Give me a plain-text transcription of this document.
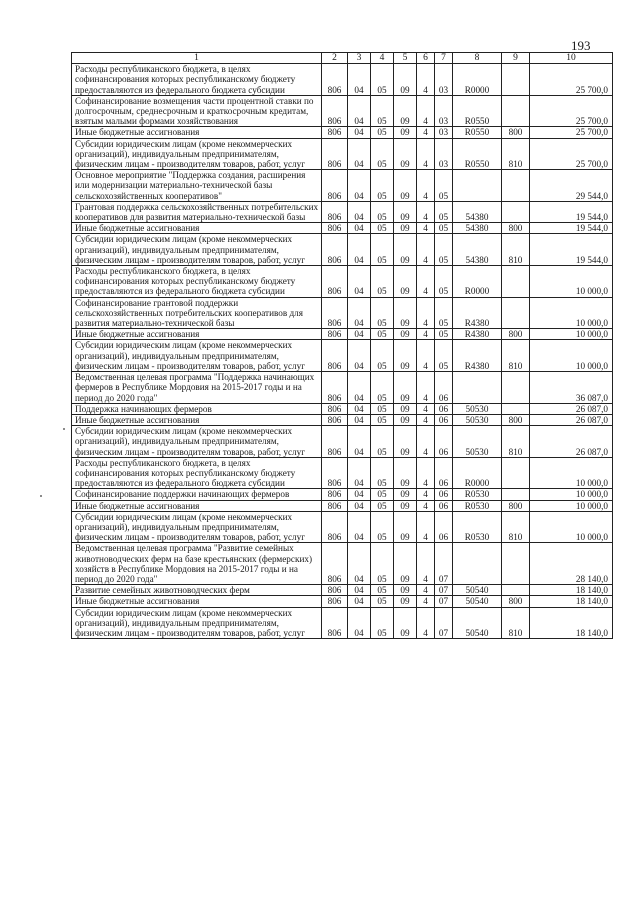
193
1	2	3	4	5	6	7	8	9	10
Расходы республиканского бюджета, в целях софинансирования которых республиканскому бюджету предоставляются из федерального бюджета субсидии	806	04	05	09	4	03	R0000		25 700,0
Софинансирование возмещения части процентной ставки по долгосрочным, среднесрочным и краткосрочным кредитам, взятым малыми формами хозяйствования	806	04	05	09	4	03	R0550		25 700,0
Иные бюджетные ассигнования	806	04	05	09	4	03	R0550	800	25 700,0
Субсидии юридическим лицам (кроме некоммерческих организаций), индивидуальным предпринимателям, физическим лицам - производителям товаров, работ, услуг	806	04	05	09	4	03	R0550	810	25 700,0
Основное мероприятие "Поддержка создания, расширения или модернизации материально-технической базы сельскохозяйственных кооперативов"	806	04	05	09	4	05			29 544,0
Грантовая поддержка сельскохозяйственных потребительских кооперативов для развития материально-технической базы	806	04	05	09	4	05	54380		19 544,0
Иные бюджетные ассигнования	806	04	05	09	4	05	54380	800	19 544,0
Субсидии юридическим лицам (кроме некоммерческих организаций), индивидуальным предпринимателям, физическим лицам - производителям товаров, работ, услуг	806	04	05	09	4	05	54380	810	19 544,0
Расходы республиканского бюджета, в целях софинансирования которых республиканскому бюджету предоставляются из федерального бюджета субсидии	806	04	05	09	4	05	R0000		10 000,0
Софинансирование грантовой поддержки сельскохозяйственных потребительских кооперативов для развития материально-технической базы	806	04	05	09	4	05	R4380		10 000,0
Иные бюджетные ассигнования	806	04	05	09	4	05	R4380	800	10 000,0
Субсидии юридическим лицам (кроме некоммерческих организаций), индивидуальным предпринимателям, физическим лицам - производителям товаров, работ, услуг	806	04	05	09	4	05	R4380	810	10 000,0
Ведомственная целевая программа "Поддержка начинающих фермеров в Республике Мордовия на 2015-2017 годы и на период до 2020 года"	806	04	05	09	4	06			36 087,0
Поддержка начинающих фермеров	806	04	05	09	4	06	50530		26 087,0
Иные бюджетные ассигнования	806	04	05	09	4	06	50530	800	26 087,0
Субсидии юридическим лицам (кроме некоммерческих организаций), индивидуальным предпринимателям, физическим лицам - производителям товаров, работ, услуг	806	04	05	09	4	06	50530	810	26 087,0
Расходы республиканского бюджета, в целях софинансирования которых республиканскому бюджету предоставляются из федерального бюджета субсидии	806	04	05	09	4	06	R0000		10 000,0
Софинансирование поддержки начинающих фермеров	806	04	05	09	4	06	R0530		10 000,0
Иные бюджетные ассигнования	806	04	05	09	4	06	R0530	800	10 000,0
Субсидии юридическим лицам (кроме некоммерческих организаций), индивидуальным предпринимателям, физическим лицам - производителям товаров, работ, услуг	806	04	05	09	4	06	R0530	810	10 000,0
Ведомственная целевая программа "Развитие семейных животноводческих ферм на базе крестьянских (фермерских) хозяйств в Республике Мордовия на 2015-2017 годы и на период до 2020 года"	806	04	05	09	4	07			28 140,0
Развитие семейных животноводческих ферм	806	04	05	09	4	07	50540		18 140,0
Иные бюджетные ассигнования	806	04	05	09	4	07	50540	800	18 140,0
Субсидии юридическим лицам (кроме некоммерческих организаций), индивидуальным предпринимателям, физическим лицам - производителям товаров, работ, услуг	806	04	05	09	4	07	50540	810	18 140,0
